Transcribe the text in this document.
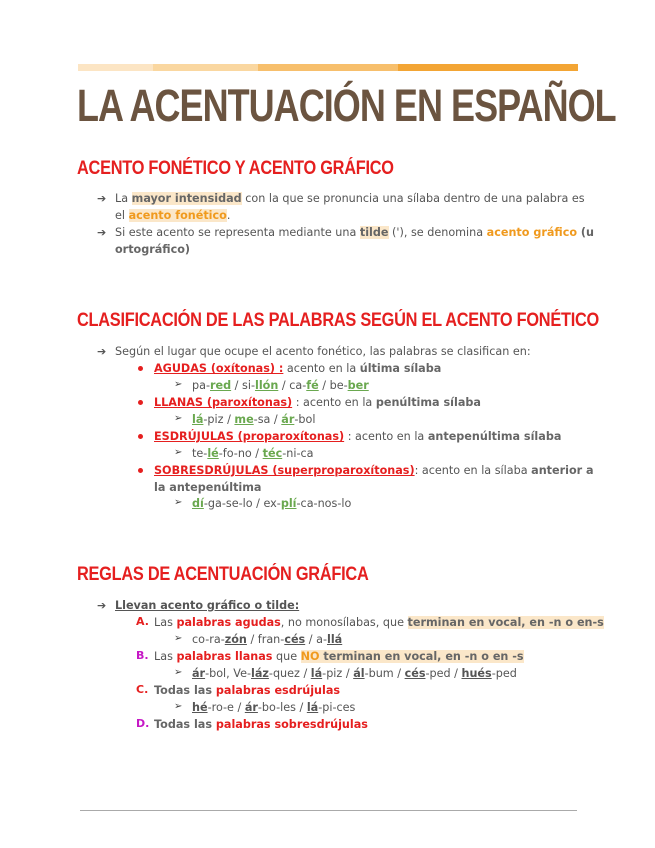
LA ACENTUACIÓN EN ESPAÑOL
ACENTO FONÉTICO Y ACENTO GRÁFICO
➔ La mayor intensidad con la que se pronuncia una sílaba dentro de una palabra es
el acento fonético.
➔ Si este acento se representa mediante una tilde ('), se denomina acento gráfico (u
ortográfico)
CLASIFICACIÓN DE LAS PALABRAS SEGÚN EL ACENTO FONÉTICO
➔ Según el lugar que ocupe el acento fonético, las palabras se clasifican en:
AGUDAS (oxítonas) : acento en la última sílaba
➢ pa-red / si-llón / ca-fé / be-ber
LLANAS (paroxítonas) : acento en la penúltima sílaba
➢ lá-piz / me-sa / ár-bol
ESDRÚJULAS (proparoxítonas) : acento en la antepenúltima sílaba
➢ te-lé-fo-no / téc-ni-ca
SOBRESDRÚJULAS (superproparoxítonas): acento en la sílaba anterior a
la antepenúltima
➢ dí-ga-se-lo / ex-plí-ca-nos-lo
REGLAS DE ACENTUACIÓN GRÁFICA
➔ Llevan acento gráfico o tilde:
A. Las palabras agudas, no monosílabas, que terminan en vocal, en -n o en-s
➢ co-ra-zón / fran-cés / a-llá
B. Las palabras llanas que NO terminan en vocal, en -n o en -s
➢ ár-bol, Ve-láz-quez / lá-piz / ál-bum / cés-ped / hués-ped
C. Todas las palabras esdrújulas
➢ hé-ro-e / ár-bo-les / lá-pi-ces
D. Todas las palabras sobresdrújulas
